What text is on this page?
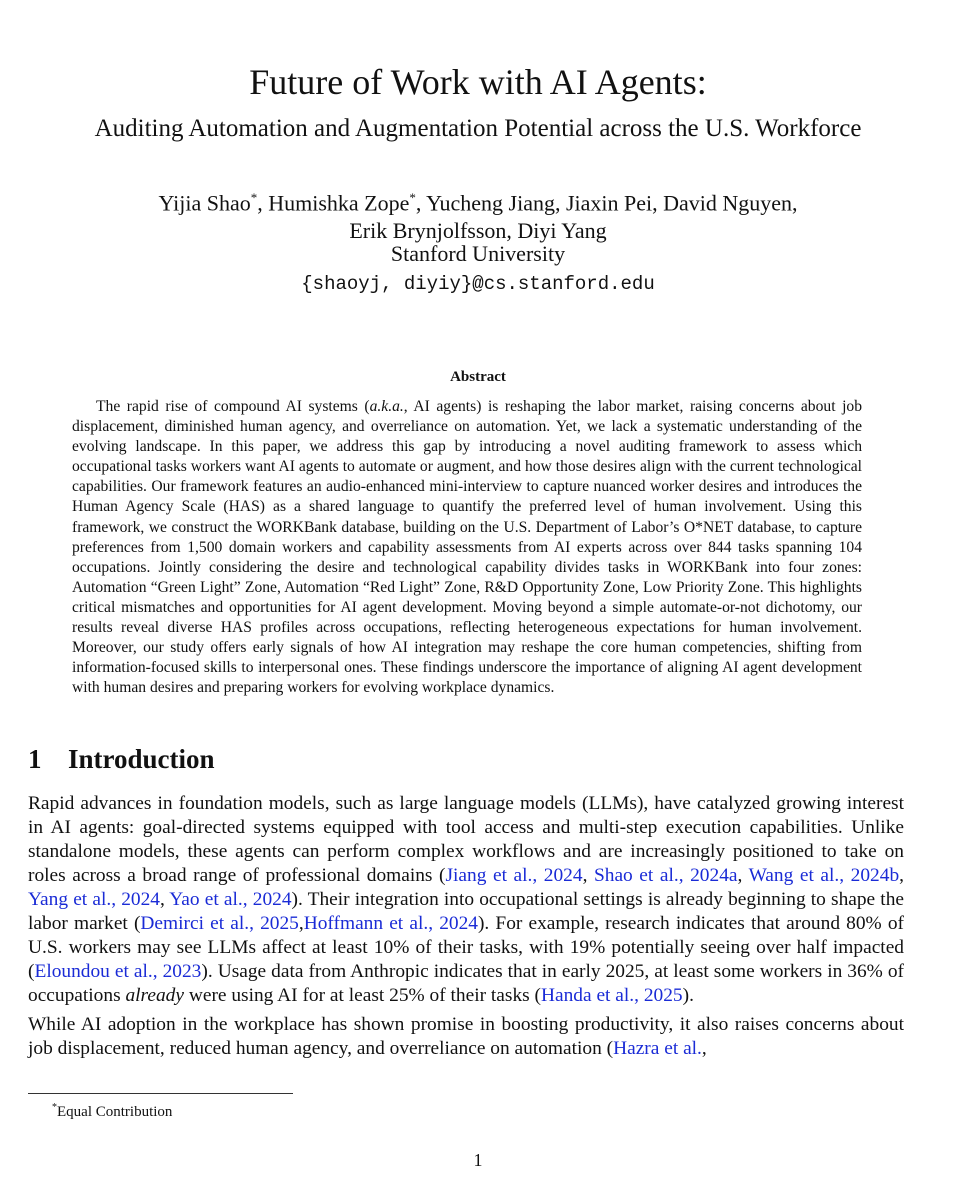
Future of Work with AI Agents:
Auditing Automation and Augmentation Potential across the U.S. Workforce
Yijia Shao*, Humishka Zope*, Yucheng Jiang, Jiaxin Pei, David Nguyen,
Erik Brynjolfsson, Diyi Yang
Stanford University
{shaoyj, diyiy}@cs.stanford.edu
Abstract
The rapid rise of compound AI systems (a.k.a., AI agents) is reshaping the labor market, raising concerns about job displacement, diminished human agency, and overreliance on automation. Yet, we lack a systematic understanding of the evolving landscape. In this paper, we address this gap by introducing a novel auditing framework to assess which occupational tasks workers want AI agents to automate or augment, and how those desires align with the current technological capabilities. Our framework features an audio-enhanced mini-interview to capture nuanced worker desires and introduces the Human Agency Scale (HAS) as a shared language to quantify the preferred level of human involvement. Using this framework, we construct the WORKBank database, building on the U.S. Department of Labor’s O*NET database, to capture preferences from 1,500 domain workers and capability assessments from AI experts across over 844 tasks spanning 104 occupations. Jointly considering the desire and technological capability divides tasks in WORKBank into four zones: Automation “Green Light” Zone, Automation “Red Light” Zone, R&D Opportunity Zone, Low Priority Zone. This highlights critical mismatches and opportunities for AI agent development. Moving beyond a simple automate-or-not dichotomy, our results reveal diverse HAS profiles across occupations, reflecting heterogeneous expectations for human involvement. Moreover, our study offers early signals of how AI integration may reshape the core human competencies, shifting from information-focused skills to interpersonal ones. These findings underscore the importance of aligning AI agent development with human desires and preparing workers for evolving workplace dynamics.
1 Introduction

Rapid advances in foundation models, such as large language models (LLMs), have catalyzed growing interest in AI agents: goal-directed systems equipped with tool access and multi-step execution capabilities. Unlike standalone models, these agents can perform complex workflows and are increasingly positioned to take on roles across a broad range of professional domains (Jiang et al., 2024, Shao et al., 2024a, Wang et al., 2024b, Yang et al., 2024, Yao et al., 2024). Their integration into occupational settings is already beginning to shape the labor market (Demirci et al., 2025,Hoffmann et al., 2024). For example, research indicates that around 80% of U.S. workers may see LLMs affect at least 10% of their tasks, with 19% potentially seeing over half impacted (Eloundou et al., 2023). Usage data from Anthropic indicates that in early 2025, at least some workers in 36% of occupations already were using AI for at least 25% of their tasks (Handa et al., 2025).

While AI adoption in the workplace has shown promise in boosting productivity, it also raises concerns about job displacement, reduced human agency, and overreliance on automation (Hazra et al.,

*Equal Contribution
1
